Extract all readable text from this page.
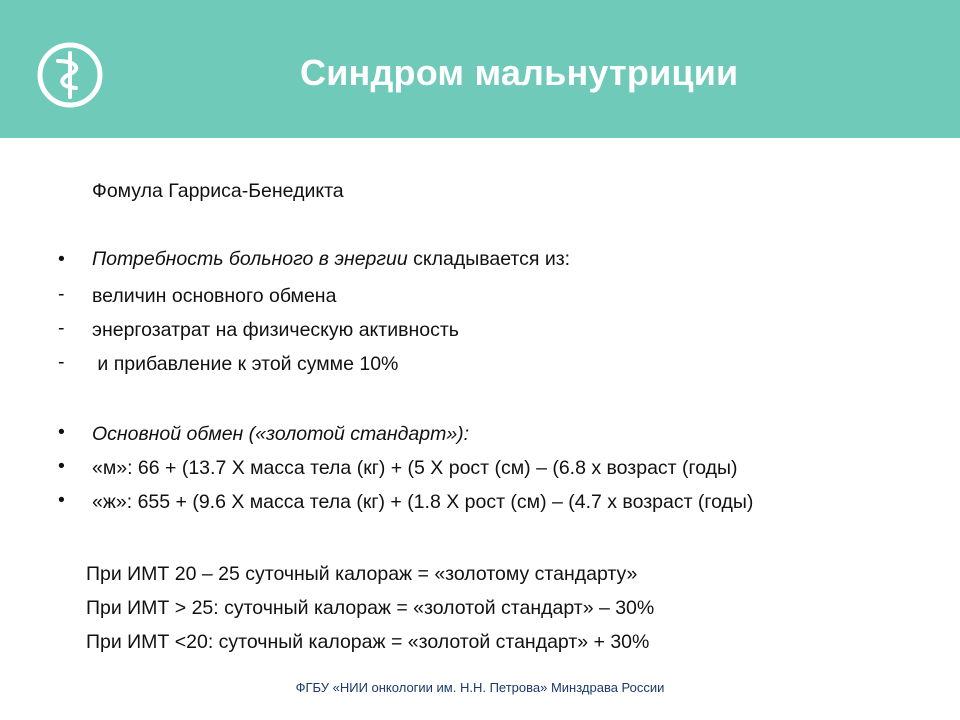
Синдром мальнутриции
Фомула Гарриса-Бенедикта
• Потребность больного в энергии складывается из:
- величин основного обмена
- энергозатрат на физическую активность
- и прибавление к этой сумме 10%
• Основной обмен («золотой стандарт»):
• «м»: 66 + (13.7 Х масса тела (кг) + (5 Х рост (см) – (6.8 х возраст (годы)
• «ж»: 655 + (9.6 Х масса тела (кг) + (1.8 Х рост (см) – (4.7 х возраст (годы)
При ИМТ 20 – 25 суточный калораж = «золотому стандарту»
При ИМТ > 25: суточный калораж = «золотой стандарт» – 30%
При ИМТ <20: суточный калораж = «золотой стандарт» + 30%
ФГБУ «НИИ онкологии им. Н.Н. Петрова» Минздрава России
